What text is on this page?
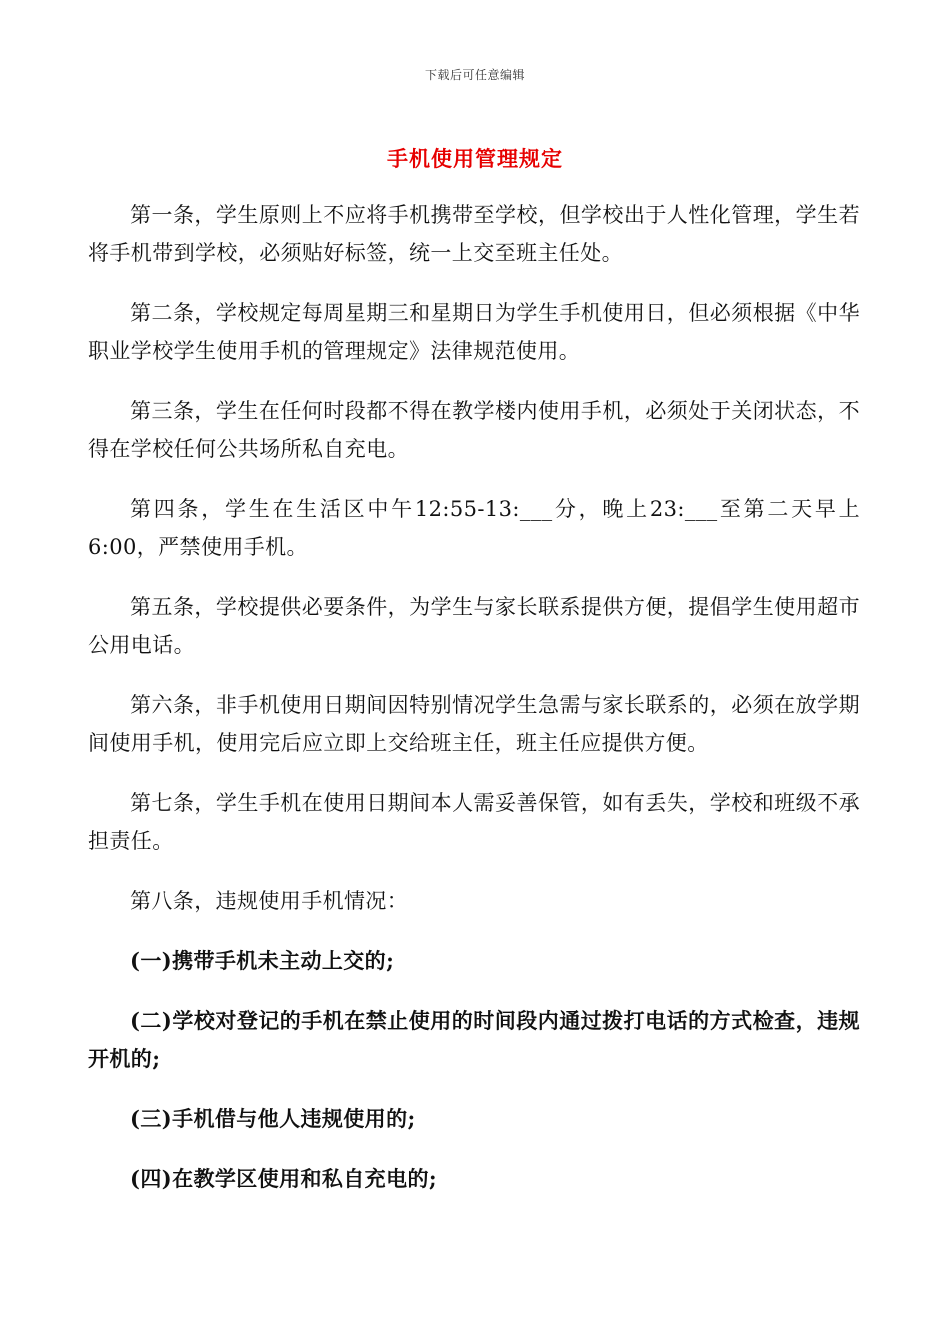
下载后可任意编辑
手机使用管理规定

第一条，学生原则上不应将手机携带至学校，但学校出于人性化管理，学生若将手机带到学校，必须贴好标签，统一上交至班主任处。

第二条，学校规定每周星期三和星期日为学生手机使用日，但必须根据《中华职业学校学生使用手机的管理规定》法律规范使用。

第三条，学生在任何时段都不得在教学楼内使用手机，必须处于关闭状态，不得在学校任何公共场所私自充电。

第四条，学生在生活区中午12:55-13:___分，晚上23:___至第二天早上6:00，严禁使用手机。

第五条，学校提供必要条件，为学生与家长联系提供方便，提倡学生使用超市公用电话。

第六条，非手机使用日期间因特别情况学生急需与家长联系的，必须在放学期间使用手机，使用完后应立即上交给班主任，班主任应提供方便。

第七条，学生手机在使用日期间本人需妥善保管，如有丢失，学校和班级不承担责任。

第八条，违规使用手机情况：

(一)携带手机未主动上交的;

(二)学校对登记的手机在禁止使用的时间段内通过拨打电话的方式检查，违规开机的;

(三)手机借与他人违规使用的;

(四)在教学区使用和私自充电的;
